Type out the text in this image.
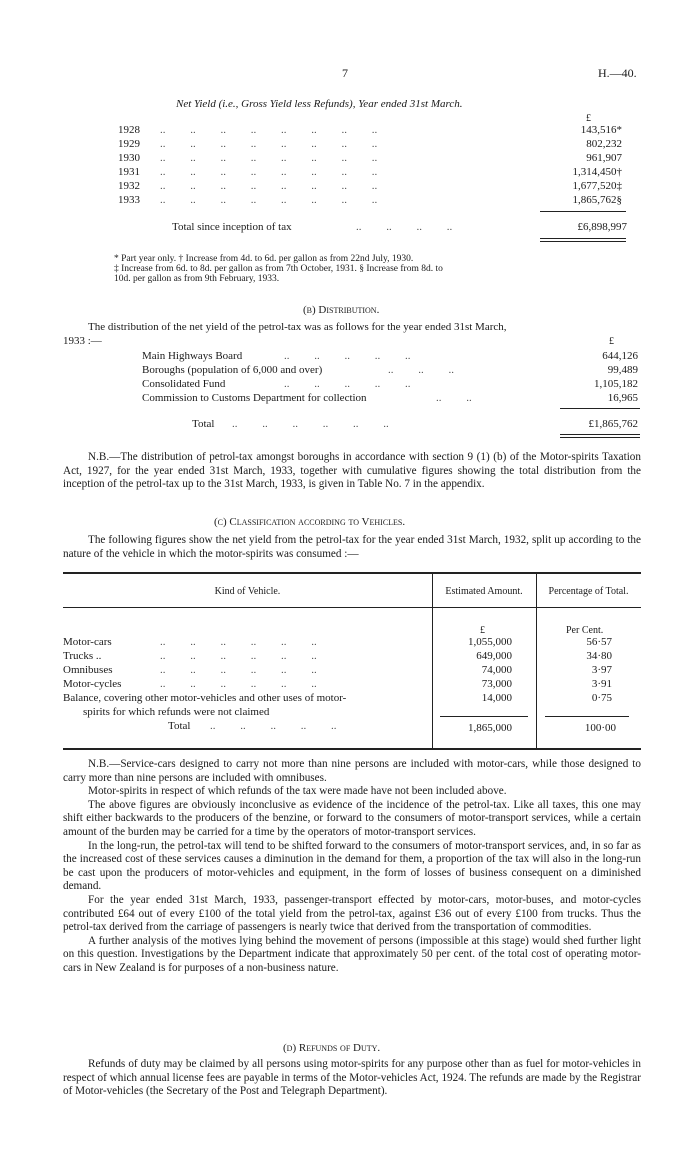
7	H.—40.
Net Yield (i.e., Gross Yield less Refunds), Year ended 31st March.
£
1928 ..         ..         ..         ..         ..         ..         ..         ..	143,516*
1929 ..         ..         ..         ..         ..         ..         ..         ..	802,232
1930 ..         ..         ..         ..         ..         ..         ..         ..	961,907
1931 ..         ..         ..         ..         ..         ..         ..         ..	1,314,450†
1932 ..         ..         ..         ..         ..         ..         ..         ..	1,677,520‡
1933 ..         ..         ..         ..         ..         ..         ..         ..	1,865,762§
Total since inception of tax	..         ..         ..         ..	£6,898,997
* Part year only. † Increase from 4d. to 6d. per gallon as from 22nd July, 1930.
‡ Increase from 6d. to 8d. per gallon as from 7th October, 1931. § Increase from 8d. to
10d. per gallon as from 9th February, 1933.
(b) Distribution.
The distribution of the net yield of the petrol-tax was as follows for the year ended 31st March,
1933 :—	£
Main Highways Board	..         ..         ..         ..         ..	644,126
Boroughs (population of 6,000 and over)	..         ..         ..	99,489
Consolidated Fund	..         ..         ..         ..         ..	1,105,182
Commission to Customs Department for collection	..         ..	16,965
Total ..         ..         ..         ..         ..         ..	£1,865,762
N.B.—The distribution of petrol-tax amongst boroughs in accordance with section 9 (1) (b) of the Motor-spirits Taxation Act, 1927, for the year ended 31st March, 1933, together with cumulative figures showing the total distribution from the inception of the petrol-tax up to the 31st March, 1933, is given in Table No. 7 in the appendix.
(c) Classification according to Vehicles.
The following figures show the net yield from the petrol-tax for the year ended 31st March, 1932, split up according to the nature of the vehicle in which the motor-spirits was consumed :—
Kind of Vehicle.	Estimated Amount.	Percentage of Total.
£	Per Cent.
Motor-cars	..         ..         ..         ..         ..         ..	1,055,000	56·57
Trucks ..	..         ..         ..         ..         ..         ..	649,000	34·80
Omnibuses	..         ..         ..         ..         ..         ..	74,000	3·97
Motor-cycles	..         ..         ..         ..         ..         ..	73,000	3·91
Balance, covering other motor-vehicles and other uses of motor-
spirits for which refunds were not claimed
14,000	0·75
Total ..         ..         ..         ..         ..	1,865,000	100·00

N.B.—Service-cars designed to carry not more than nine persons are included with motor-cars, while those designed to carry more than nine persons are included with omnibuses.

Motor-spirits in respect of which refunds of the tax were made have not been included above.

The above figures are obviously inconclusive as evidence of the incidence of the petrol-tax. Like all taxes, this one may shift either backwards to the producers of the benzine, or forward to the consumers of motor-transport services, while a certain amount of the burden may be carried for a time by the operators of motor-transport services.

In the long-run, the petrol-tax will tend to be shifted forward to the consumers of motor-transport services, and, in so far as the increased cost of these services causes a diminution in the demand for them, a proportion of the tax will also in the long-run be cast upon the producers of motor-vehicles and equipment, in the form of losses of business consequent on a diminished demand.

For the year ended 31st March, 1933, passenger-transport effected by motor-cars, motor-buses, and motor-cycles contributed £64 out of every £100 of the total yield from the petrol-tax, against £36 out of every £100 from trucks. Thus the petrol-tax derived from the carriage of passengers is nearly twice that derived from the transportation of commodities.

A further analysis of the motives lying behind the movement of persons (impossible at this stage) would shed further light on this question. Investigations by the Department indicate that approximately 50 per cent. of the total cost of operating motor-cars in New Zealand is for purposes of a non-business nature.

(d) Refunds of Duty.
Refunds of duty may be claimed by all persons using motor-spirits for any purpose other than as fuel for motor-vehicles in respect of which annual license fees are payable in terms of the Motor-vehicles Act, 1924. The refunds are made by the Registrar of Motor-vehicles (the Secretary of the Post and Telegraph Department).
